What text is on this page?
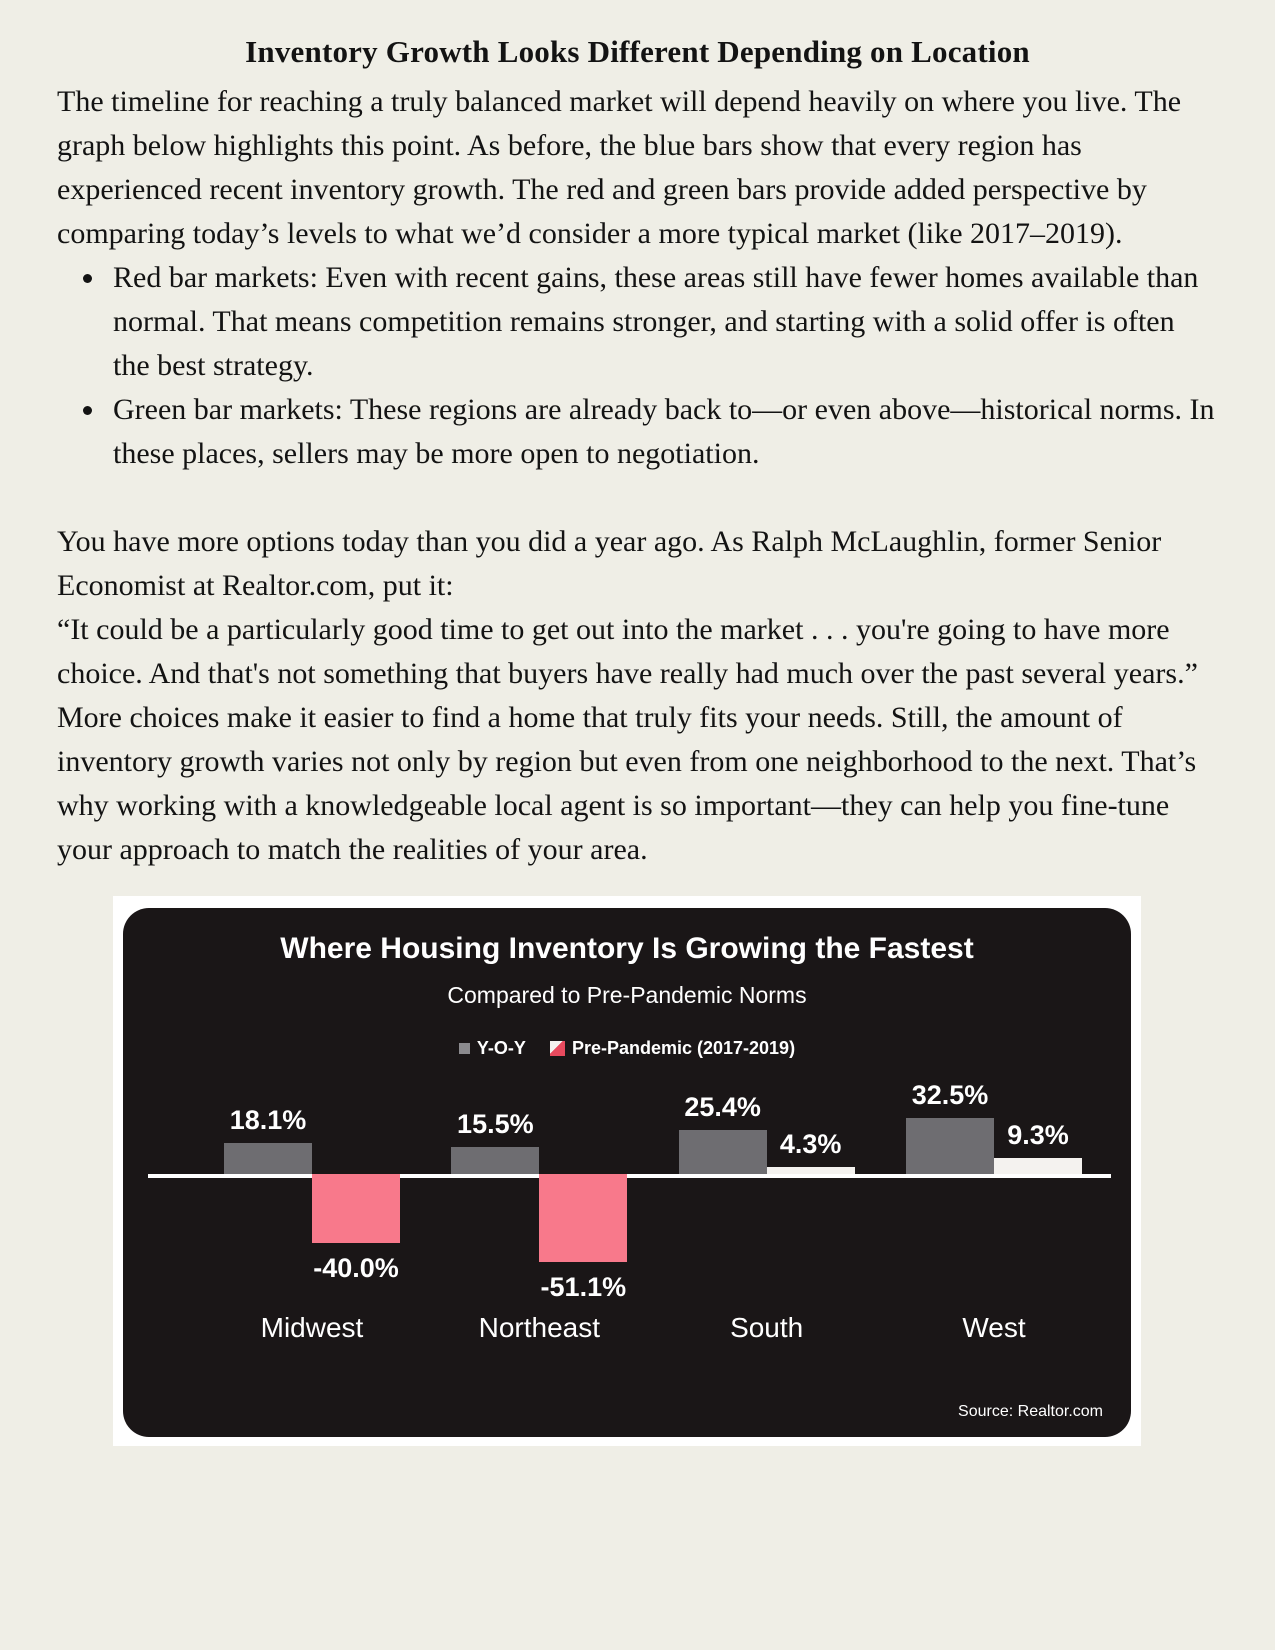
Inventory Growth Looks Different Depending on Location

The timeline for reaching a truly balanced market will depend heavily on where you live. The graph below highlights this point. As before, the blue bars show that every region has experienced recent inventory growth. The red and green bars provide added perspective by comparing today’s levels to what we’d consider a more typical market (like 2017–2019).

• Red bar markets: Even with recent gains, these areas still have fewer homes available than normal. That means competition remains stronger, and starting with a solid offer is often the best strategy.
• Green bar markets: These regions are already back to—or even above—historical norms. In these places, sellers may be more open to negotiation.

You have more options today than you did a year ago. As Ralph McLaughlin, former Senior Economist at Realtor.com, put it:

“It could be a particularly good time to get out into the market . . . you're going to have more choice. And that's not something that buyers have really had much over the past several years.”

More choices make it easier to find a home that truly fits your needs. Still, the amount of inventory growth varies not only by region but even from one neighborhood to the next. That’s why working with a knowledgeable local agent is so important—they can help you fine-tune your approach to match the realities of your area.

Where Housing Inventory Is Growing the Fastest
Compared to Pre-Pandemic Norms
Y-O-Y	Pre-Pandemic (2017-2019)
18.1%
-40.0%
15.5%
-51.1%
25.4%
4.3%
32.5%
9.3%
Midwest	Northeast	South	West
Source: Realtor.com
